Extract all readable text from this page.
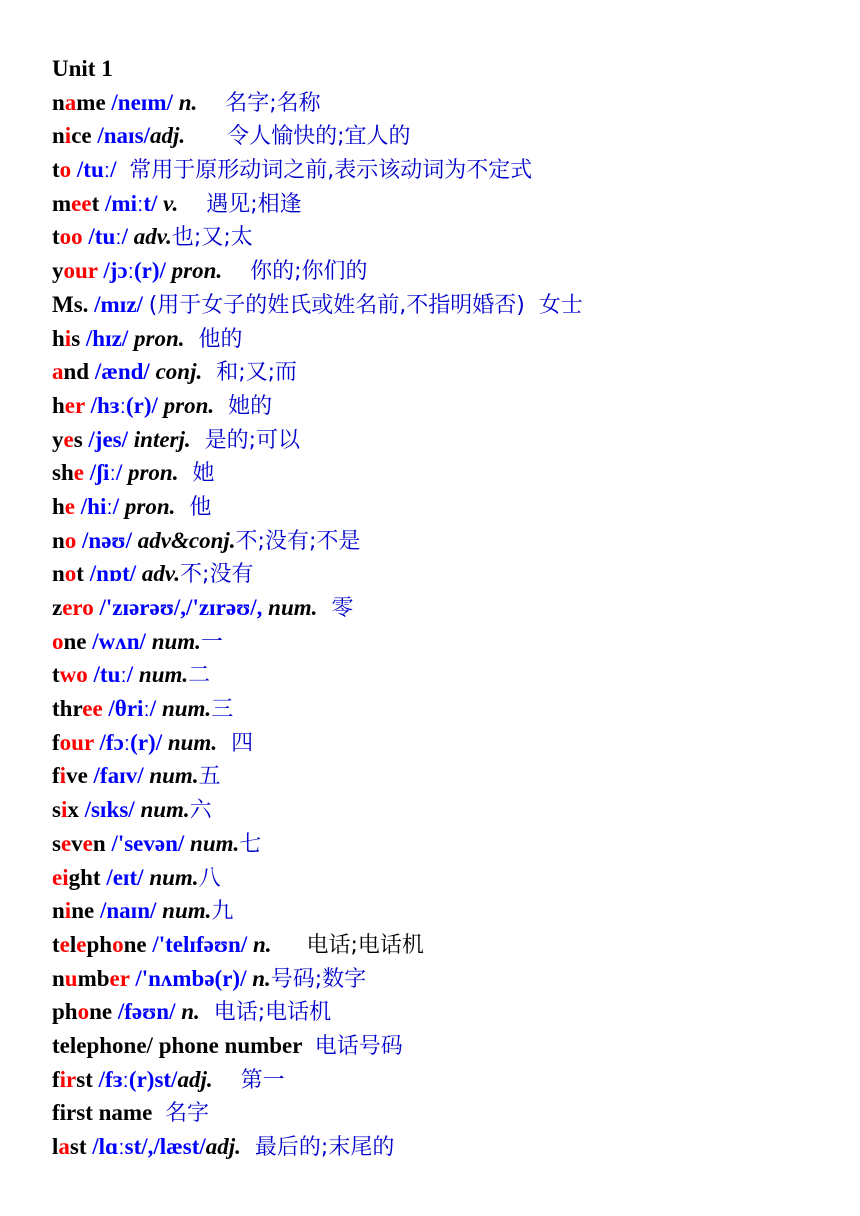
Unit 1
name /neɪm/ n.    名字;名称
nice /naɪs/adj.      令人愉快的;宜人的
to /tuː/  常用于原形动词之前,表示该动词为不定式
meet /miːt/ v.    遇见;相逢
too /tuː/ adv.也;又;太
your /jɔː(r)/ pron.    你的;你们的
Ms. /mɪz/ (用于女子的姓氏或姓名前,不指明婚否)  女士
his /hɪz/ pron.  他的
and /ænd/ conj.  和;又;而
her /hɜː(r)/ pron.  她的
yes /jes/ interj.  是的;可以
she /ʃiː/ pron.  她
he /hiː/ pron.  他
no /nəʊ/ adv&conj.不;没有;不是
not /nɒt/ adv.不;没有
zero /'zɪərəʊ/,/'zɪrəʊ/, num.  零
one /wʌn/ num.一
two /tuː/ num.二
three /θriː/ num.三
four /fɔː(r)/ num.  四
five /faɪv/ num.五
six /sɪks/ num.六
seven /'sevən/ num.七
eight /eɪt/ num.八
nine /naɪn/ num.九
telephone /'telɪfəʊn/ n.     电话;电话机
number /'nʌmbə(r)/ n.号码;数字
phone /fəʊn/ n.  电话;电话机
telephone/ phone number  电话号码
first /fɜː(r)st/adj.    第一
first name  名字
last /lɑːst/,/læst/adj.  最后的;末尾的
